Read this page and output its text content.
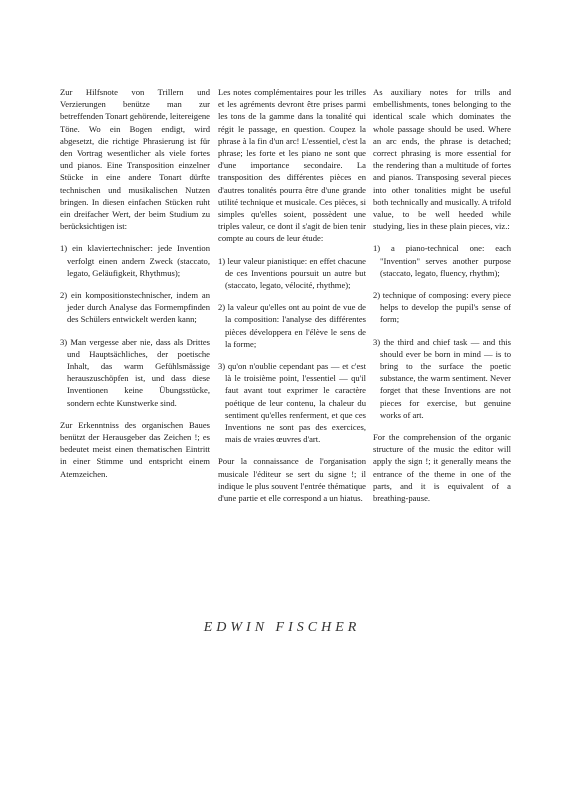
Zur Hilfsnote von Trillern und Verzierungen benütze man zur betreffenden Tonart gehörende, leitereigene Töne. Wo ein Bogen endigt, wird abgesetzt, die richtige Phrasierung ist für den Vortrag wesentlicher als viele fortes und pianos. Eine Transposition einzelner Stücke in eine andere Tonart dürfte technischen und musikalischen Nutzen bringen. In diesen einfachen Stücken ruht ein dreifacher Wert, der beim Studium zu berücksichtigen ist:

1) ein klaviertechnischer: jede Invention verfolgt einen andern Zweck (staccato, legato, Geläufigkeit, Rhythmus);

2) ein kompositionstechnischer, indem an jeder durch Analyse das Formempfinden des Schülers entwickelt werden kann;

3) Man vergesse aber nie, dass als Drittes und Hauptsächliches, der poetische Inhalt, das warm Gefühlsmässige herauszuschöpfen ist, und dass diese Inventionen keine Übungsstücke, sondern echte Kunstwerke sind.

Zur Erkenntniss des organischen Baues benützt der Herausgeber das Zeichen !; es bedeutet meist einen thematischen Eintritt in einer Stimme und entspricht einem Atemzeichen.

Les notes complémentaires pour les trilles et les agréments devront être prises parmi les tons de la gamme dans la tonalité qui régit le passage, en question. Coupez la phrase à la fin d'un arc! L'essentiel, c'est la phrase; les forte et les piano ne sont que d'une importance secondaire. La transposition des différentes pièces en d'autres tonalités pourra être d'une grande utilité technique et musicale. Ces pièces, si simples qu'elles soient, possèdent une triples valeur, ce dont il s'agit de bien tenir compte au cours de leur étude:

1) leur valeur pianistique: en effet chacune de ces Inventions poursuit un autre but (staccato, legato, vélocité, rhythme);

2) la valeur qu'elles ont au point de vue de la composition: l'analyse des différentes pièces développera en l'élève le sens de la forme;

3) qu'on n'oublie cependant pas — et c'est là le troisième point, l'essentiel — qu'il faut avant tout exprimer le caractère poétique de leur contenu, la chaleur du sentiment qu'elles renferment, et que ces Inventions ne sont pas des exercices, mais de vraies œuvres d'art.

Pour la connaissance de l'organisation musicale l'éditeur se sert du signe !; il indique le plus souvent l'entrée thématique d'une partie et elle correspond a un hiatus.

As auxiliary notes for trills and embellishments, tones belonging to the identical scale which dominates the whole passage should be used. Where an arc ends, the phrase is detached; correct phrasing is more essential for the rendering than a multitude of fortes and pianos. Transposing several pieces into other tonalities might be useful both technically and musically. A trifold value, to be well heeded while studying, lies in these plain pieces, viz.:

1) a piano-technical one: each "Invention" serves another purpose (staccato, legato, fluency, rhythm);

2) technique of composing: every piece helps to develop the pupil's sense of form;

3) the third and chief task — and this should ever be born in mind — is to bring to the surface the poetic substance, the warm sentiment. Never forget that these Inventions are not pieces for exercise, but genuine works of art.

For the comprehension of the organic structure of the music the editor will apply the sign !; it generally means the entrance of the theme in one of the parts, and it is equivalent of a breathing-pause.

EDWIN FISCHER
